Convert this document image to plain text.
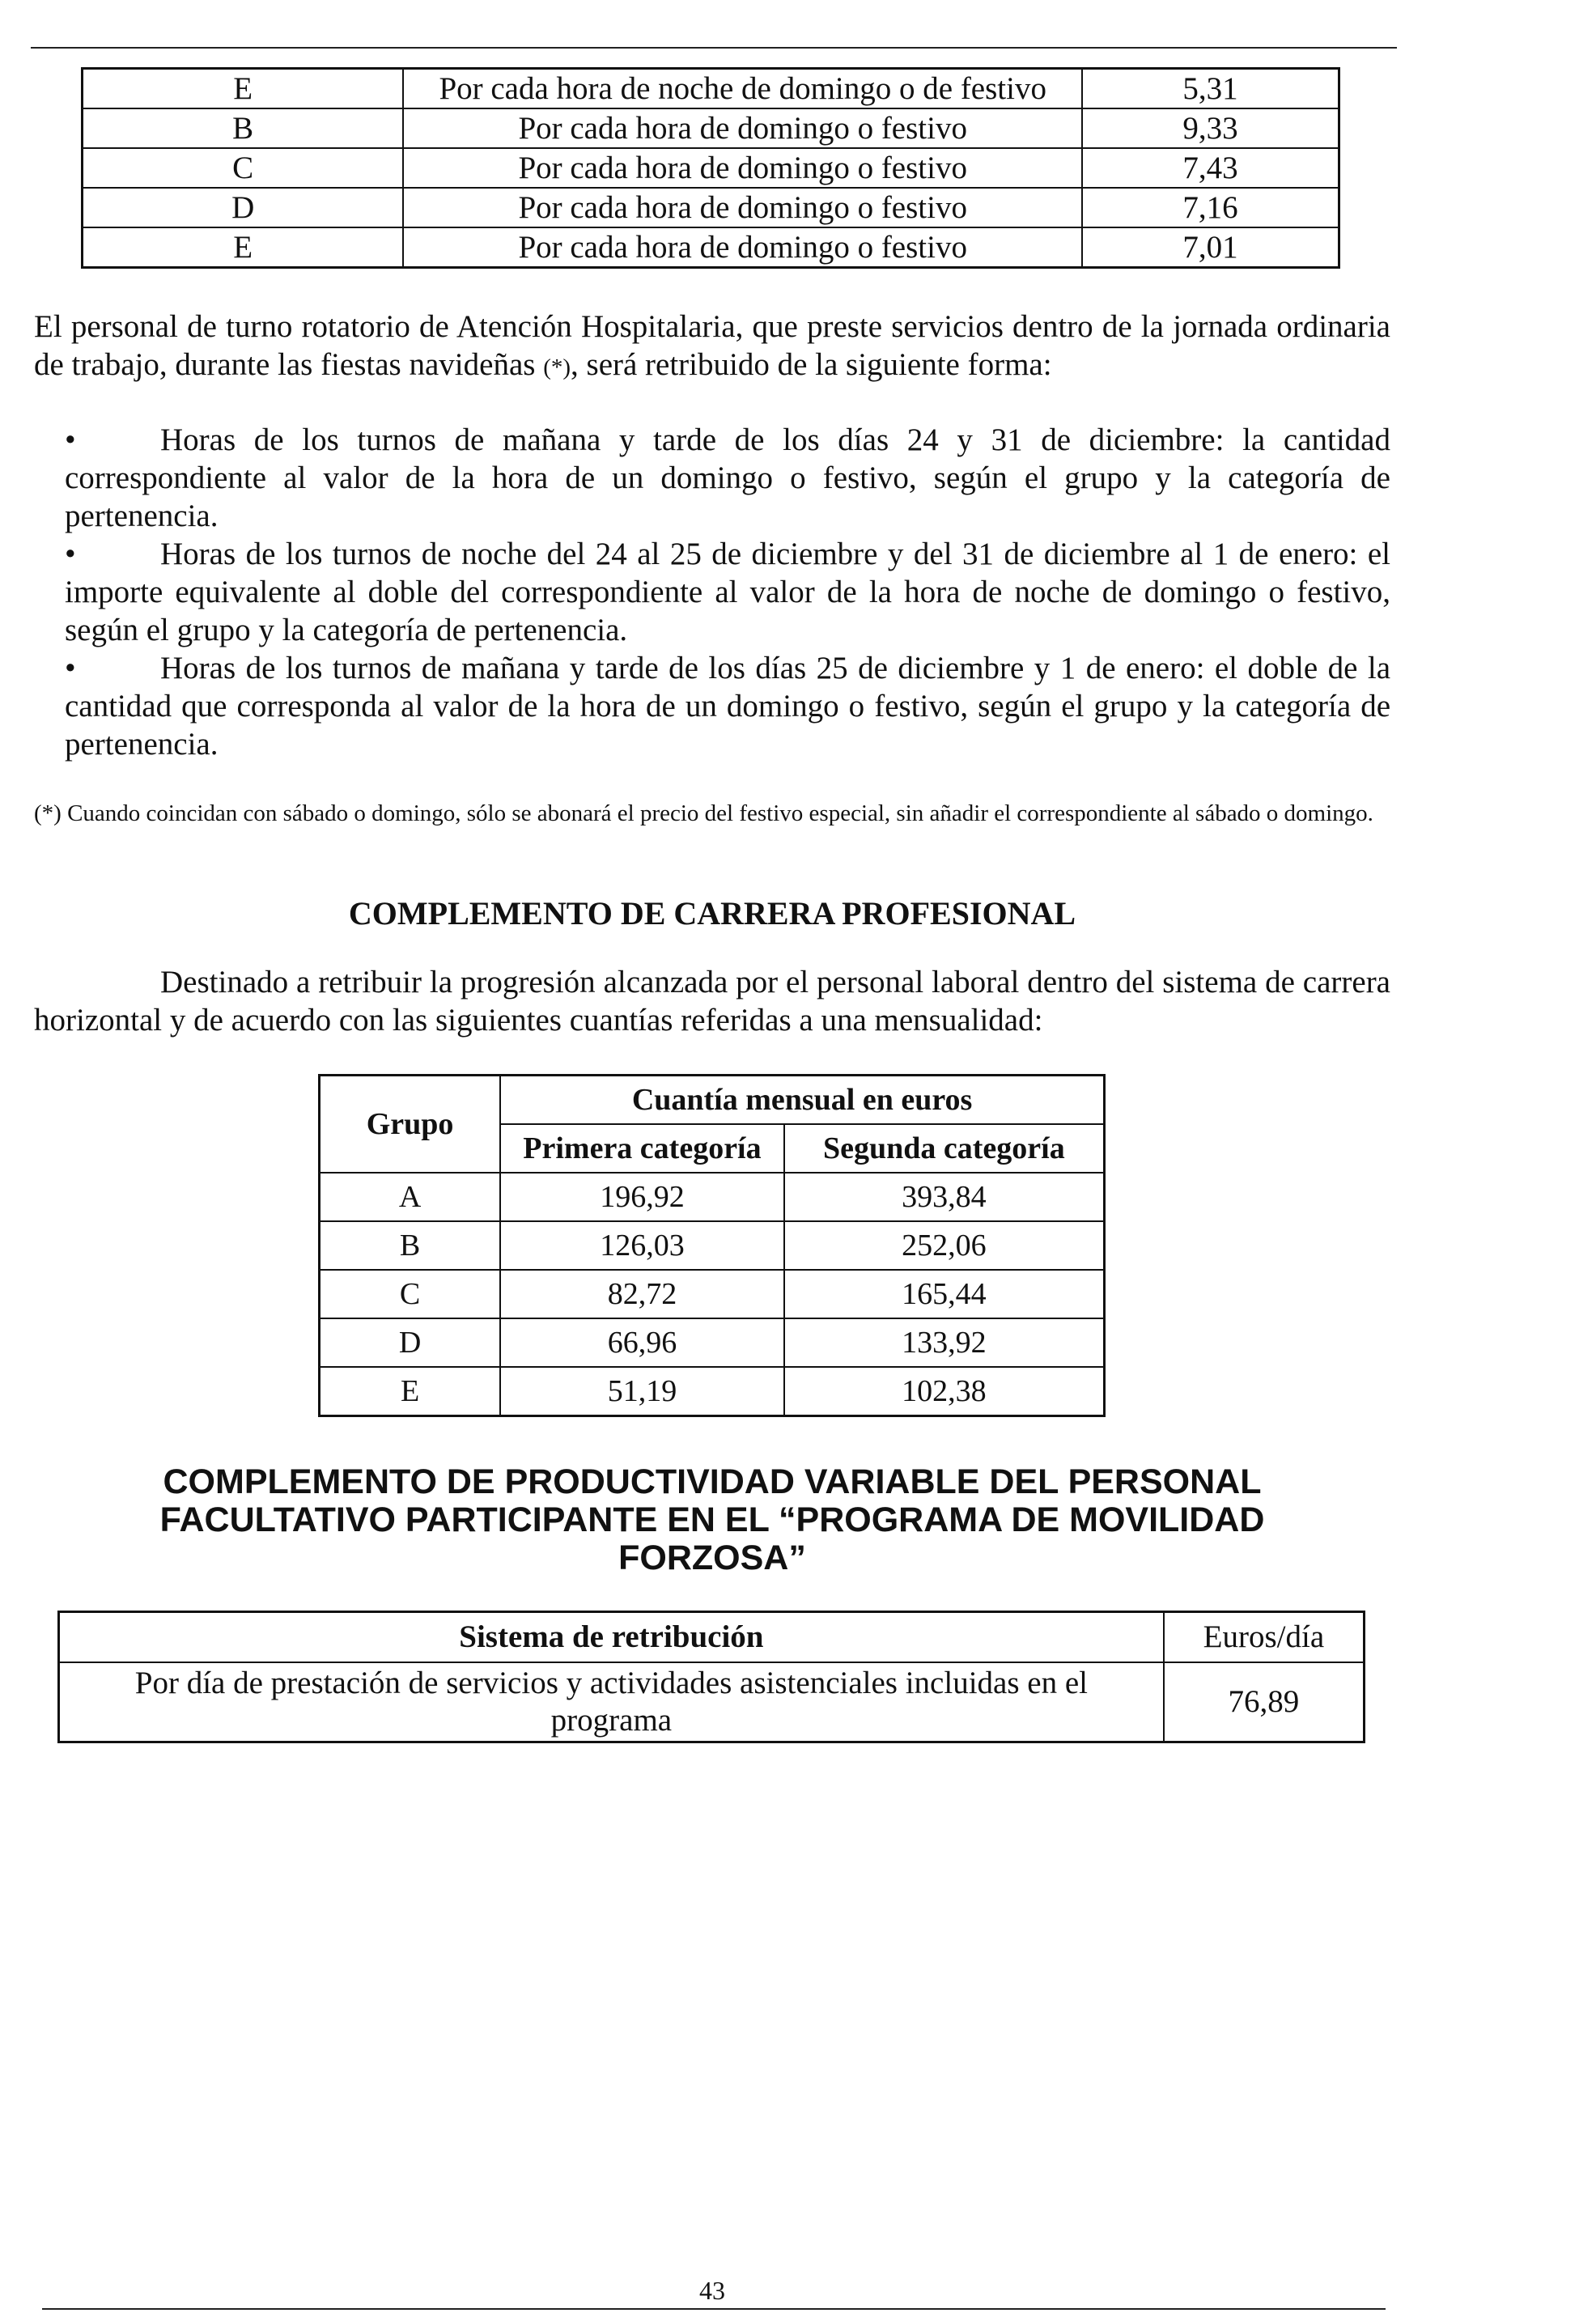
E	Por cada hora de noche de domingo o de festivo	5,31
B	Por cada hora de domingo o festivo	9,33
C	Por cada hora de domingo o festivo	7,43
D	Por cada hora de domingo o festivo	7,16
E	Por cada hora de domingo o festivo	7,01

El personal de turno rotatorio de Atención Hospitalaria, que preste servicios dentro de la jornada ordinaria de trabajo, durante las fiestas navideñas (*), será retribuido de la siguiente forma:

•	Horas de los turnos de mañana y tarde de los días 24 y 31 de diciembre: la cantidad correspondiente al valor de la hora de un domingo o festivo, según el grupo y la categoría de pertenencia.

•	Horas de los turnos de noche del 24 al 25 de diciembre y del 31 de diciembre al 1 de enero: el importe equivalente al doble del correspondiente al valor de la hora de noche de domingo o festivo, según el grupo y la categoría de pertenencia.

•	Horas de los turnos de mañana y tarde de los días 25 de diciembre y 1 de enero: el doble de la cantidad que corresponda al valor de la hora de un domingo o festivo, según el grupo y la categoría de pertenencia.

(*) Cuando coincidan con sábado o domingo, sólo se abonará el precio del festivo especial, sin añadir el correspondiente al sábado o domingo.

COMPLEMENTO DE CARRERA PROFESIONAL

Destinado a retribuir la progresión alcanzada por el personal laboral dentro del sistema de carrera horizontal y de acuerdo con las siguientes cuantías referidas a una mensualidad:

Grupo	Cuantía mensual en euros	
	Primera categoría	Segunda categoría
A	196,92	393,84
B	126,03	252,06
C	82,72	165,44
D	66,96	133,92
E	51,19	102,38
COMPLEMENTO DE PRODUCTIVIDAD VARIABLE DEL PERSONAL
FACULTATIVO PARTICIPANTE EN EL “PROGRAMA DE MOVILIDAD
FORZOSA”
Sistema de retribución	Euros/día
Por día de prestación de servicios y actividades asistenciales incluidas en el programa	76,89
43
